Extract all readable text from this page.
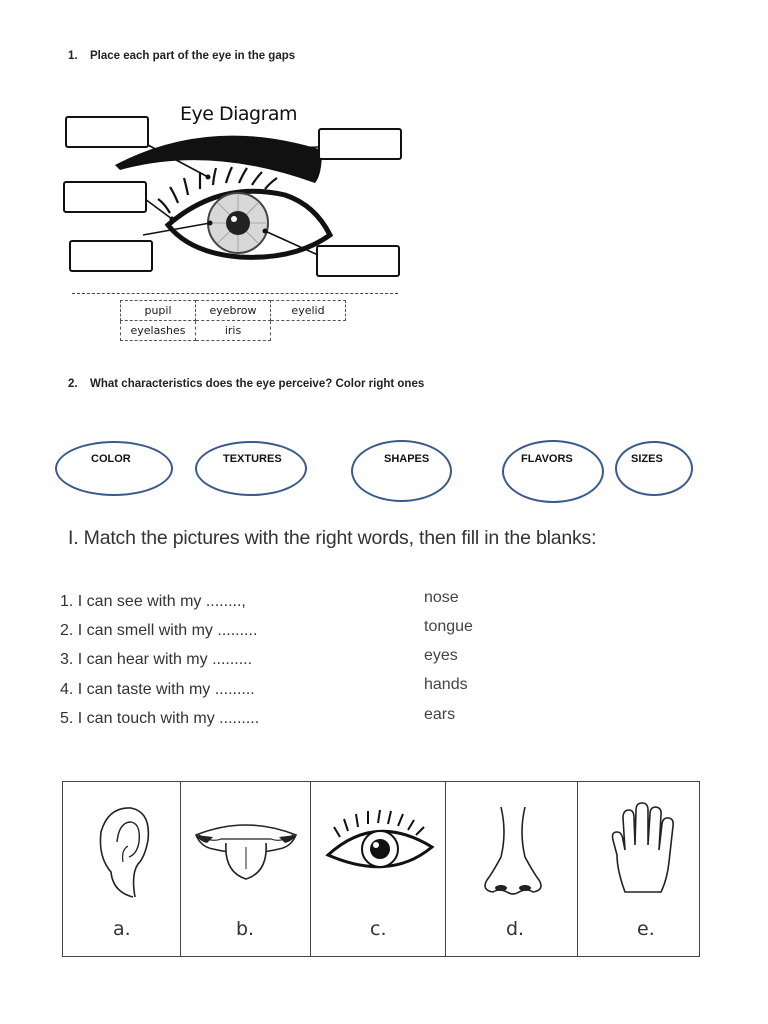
1. Place each part of the eye in the gaps
Eye Diagram
pupil	eyebrow	eyelid
eyelashes	iris	
2. What characteristics does the eye perceive? Color right ones
COLOR	TEXTURES	SHAPES	FLAVORS	SIZES
I. Match the pictures with the right words, then fill in the blanks:
1. I can see with my ........,
2. I can smell with my .........
3. I can hear with my .........
4. I can taste with my .........
5. I can touch with my .........
nose
tongue
eyes
hands
ears
a.	b.	c.	d.	e.
